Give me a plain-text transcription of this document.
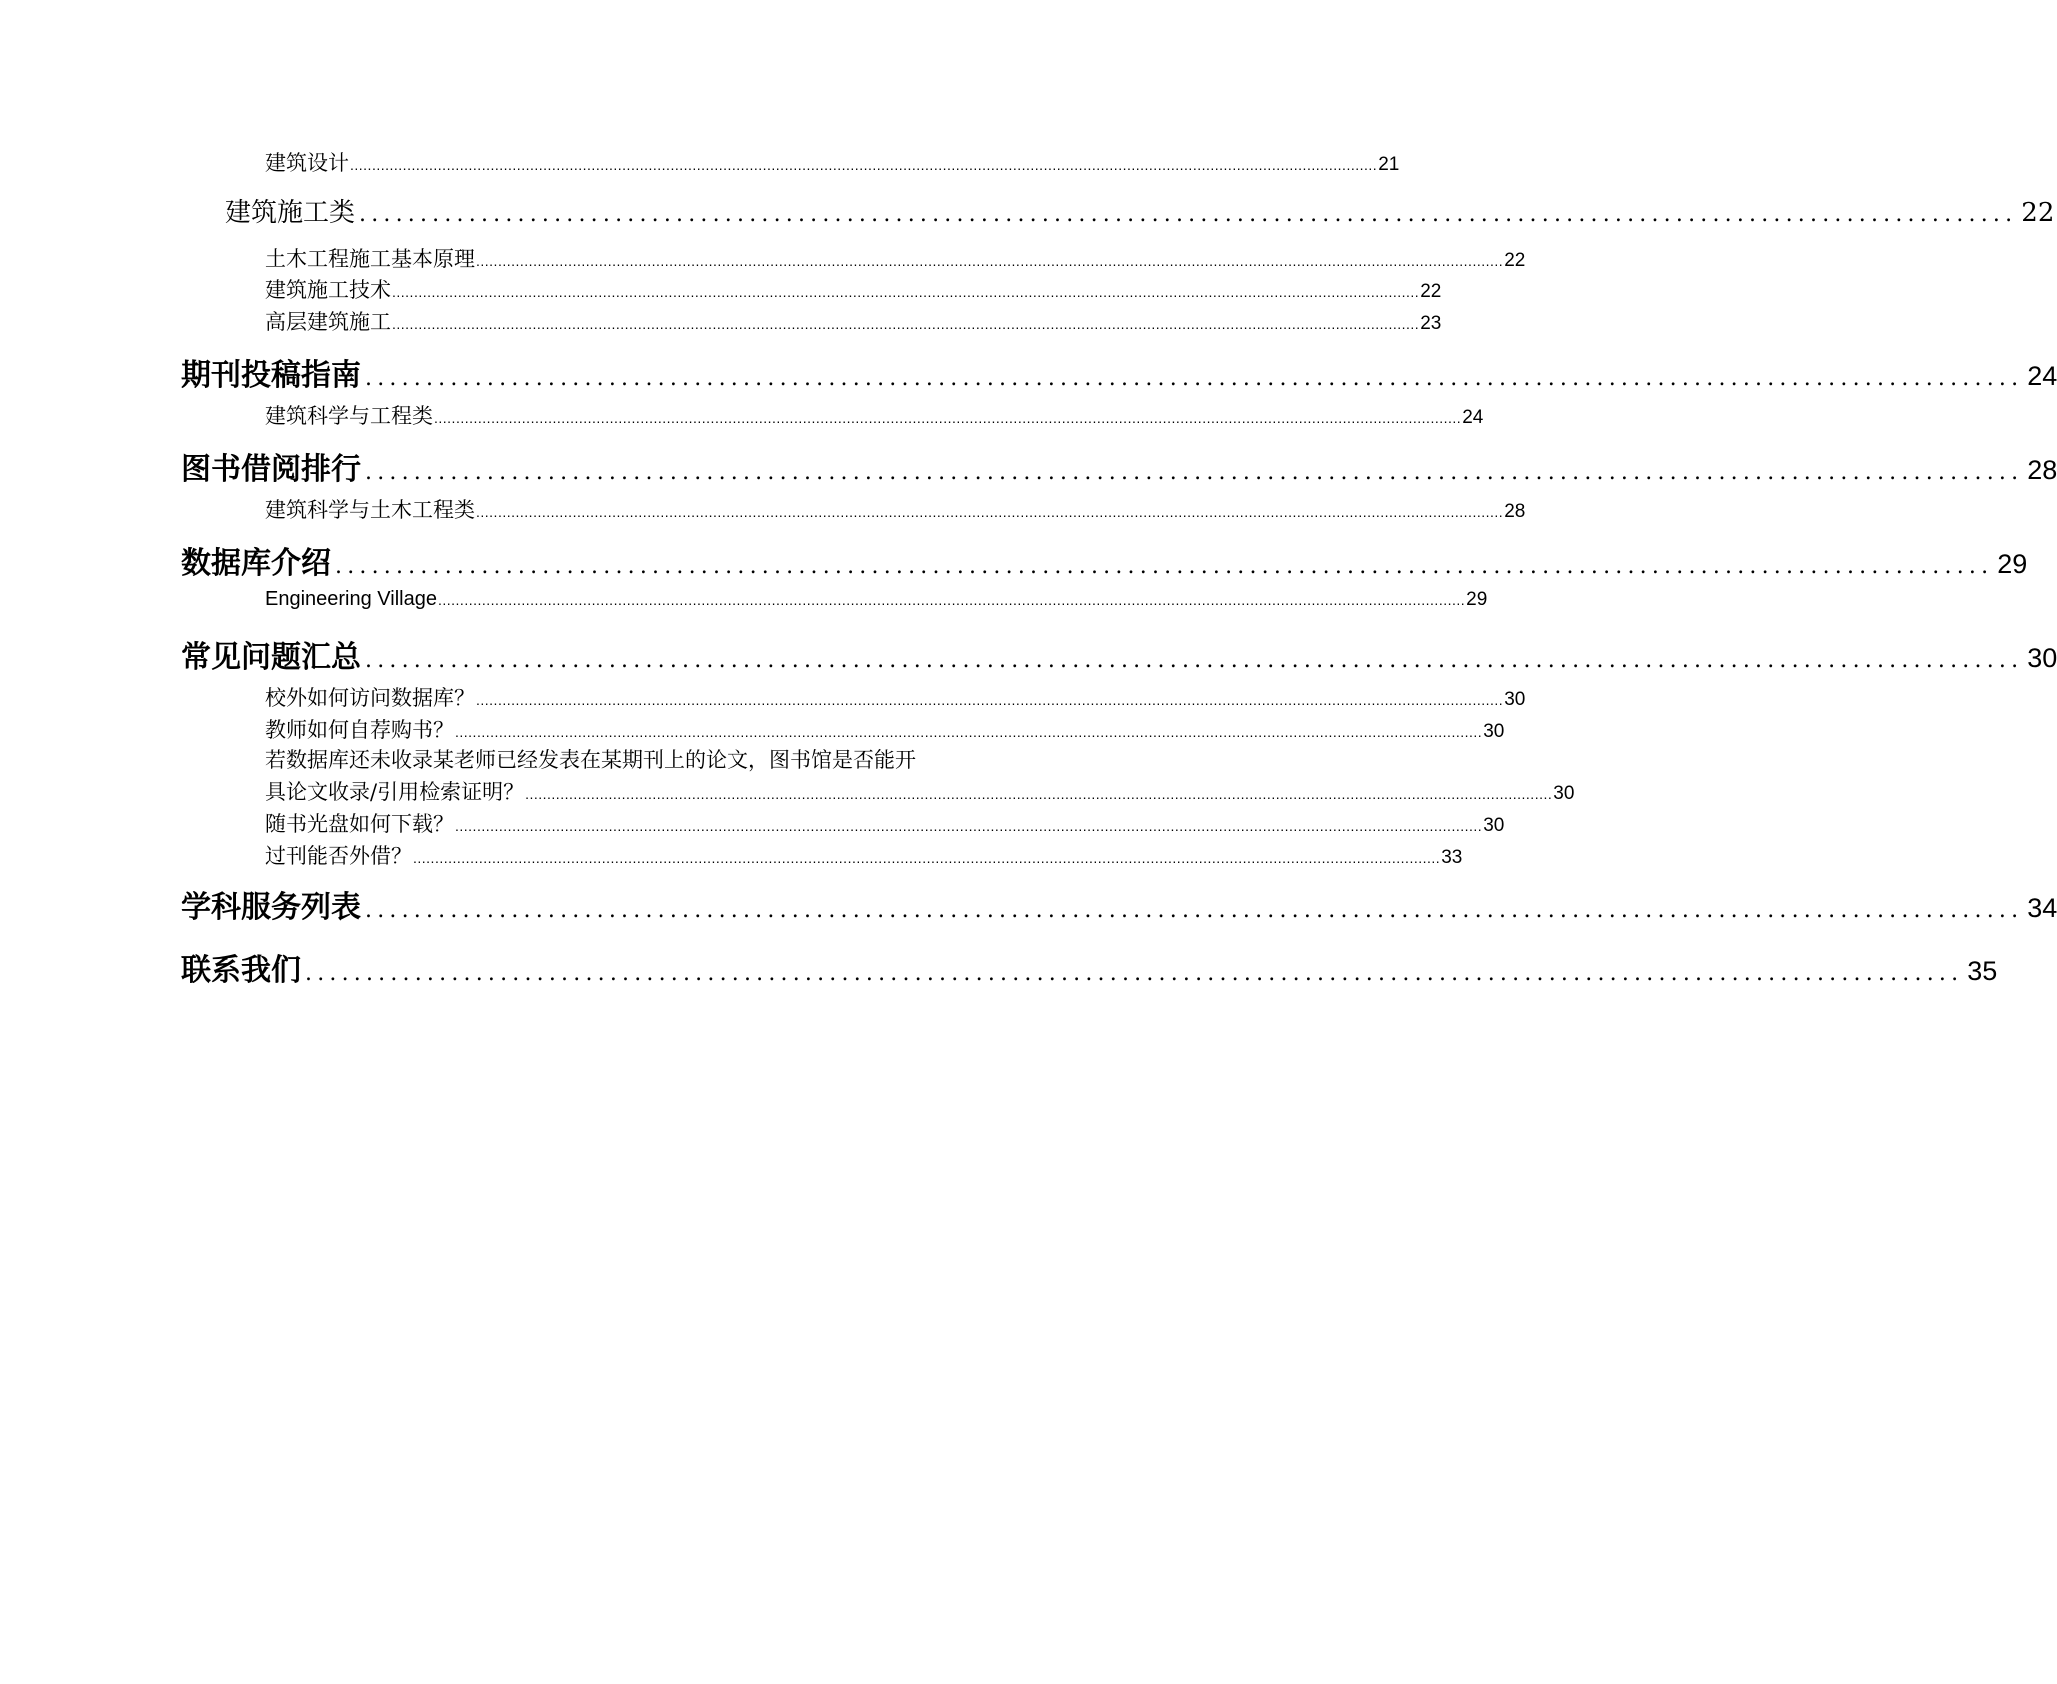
建筑设计 .......................................................................................................................................................................................................................................... 21
建筑施工类 ........................................................................................................................................ 22
土木工程施工基本原理 .......................................................................................................................................................................................................................................... 22
建筑施工技术 .......................................................................................................................................................................................................................................... 22
高层建筑施工 .......................................................................................................................................................................................................................................... 23
期刊投稿指南 ........................................................................................................................................ 24
建筑科学与工程类 .......................................................................................................................................................................................................................................... 24
图书借阅排行 ........................................................................................................................................ 28
建筑科学与土木工程类 .......................................................................................................................................................................................................................................... 28
数据库介绍 ........................................................................................................................................ 29
Engineering Village .......................................................................................................................................................................................................................................... 29
常见问题汇总 ........................................................................................................................................ 30
校外如何访问数据库？ .......................................................................................................................................................................................................................................... 30
教师如何自荐购书？ .......................................................................................................................................................................................................................................... 30
若数据库还未收录某老师已经发表在某期刊上的论文，图书馆是否能开
具论文收录/引用检索证明？ .......................................................................................................................................................................................................................................... 30
随书光盘如何下载？ .......................................................................................................................................................................................................................................... 30
过刊能否外借？ .......................................................................................................................................................................................................................................... 33
学科服务列表 ........................................................................................................................................ 34
联系我们 ........................................................................................................................................ 35
